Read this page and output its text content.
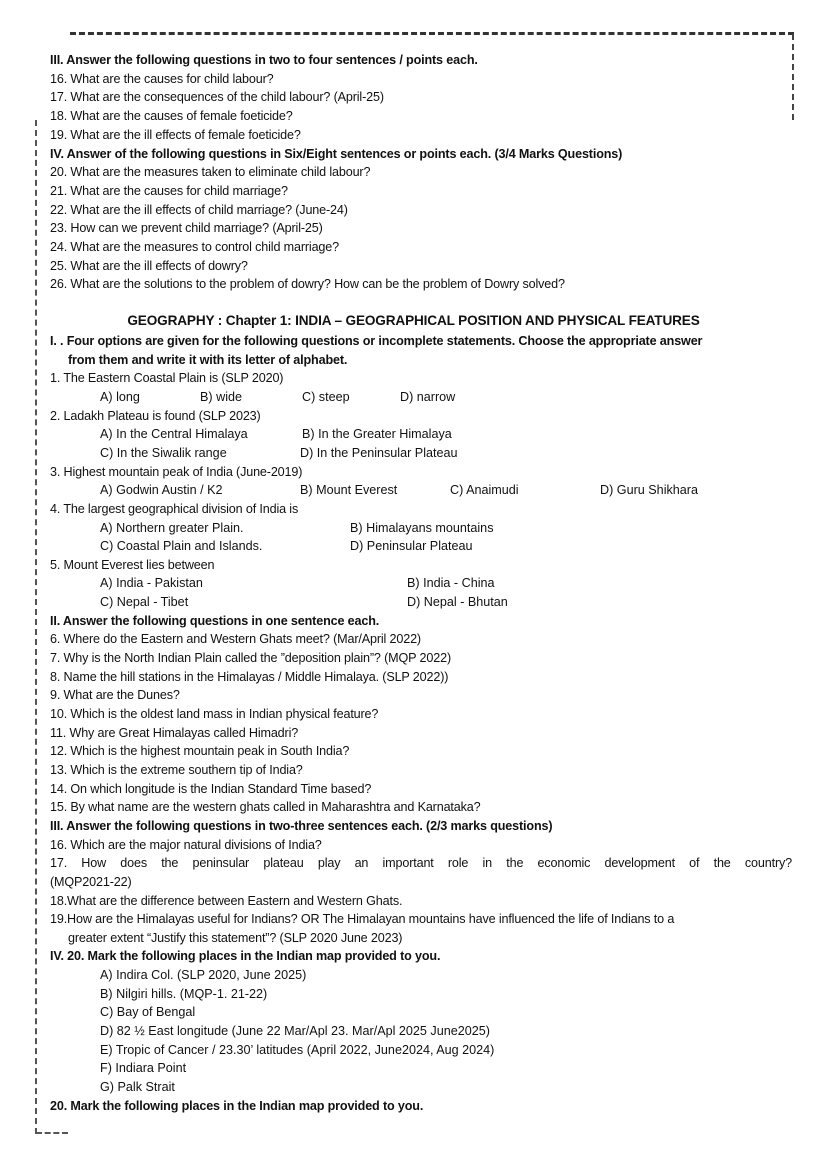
GEOGRAPHY : Chapter 1: INDIA – GEOGRAPHICAL POSITION AND PHYSICAL FEATURES
III. Answer the following questions in two to four sentences / points each.
16. What are the causes for child labour?
17. What are the consequences of the child labour? (April-25)
18. What are the causes of female foeticide?
19. What are the ill effects of female foeticide?
IV. Answer of the following questions in Six/Eight sentences or points each. (3/4 Marks Questions)
20. What are the measures taken to eliminate child labour?
21. What are the causes for child marriage?
22. What are the ill effects of child marriage? (June-24)
23. How can we prevent child marriage? (April-25)
24. What are the measures to control child marriage?
25. What are the ill effects of dowry?
26. What are the solutions to the problem of dowry? How can be the problem of Dowry solved?
I. . Four options are given for the following questions or incomplete statements. Choose the appropriate answer
from them and write it with its letter of alphabet.
1. The Eastern Coastal Plain is (SLP 2020)
A) long	B) wide	C) steep	D) narrow
2. Ladakh Plateau is found (SLP 2023)
A) In the Central Himalaya	B) In the Greater Himalaya
C) In the Siwalik range	D) In the Peninsular Plateau
3. Highest mountain peak of India (June-2019)
A) Godwin Austin / K2	B) Mount Everest	C) Anaimudi	D) Guru Shikhara
4. The largest geographical division of India is
A) Northern greater Plain.	B) Himalayans mountains
C) Coastal Plain and Islands.	D) Peninsular Plateau
5. Mount Everest lies between
A) India - Pakistan	B) India - China
C) Nepal - Tibet	D) Nepal - Bhutan
II. Answer the following questions in one sentence each.
6. Where do the Eastern and Western Ghats meet? (Mar/April 2022)
7. Why is the North Indian Plain called the ”deposition plain”? (MQP 2022)
8. Name the hill stations in the Himalayas / Middle Himalaya. (SLP 2022))
9. What are the Dunes?
10. Which is the oldest land mass in Indian physical feature?
11. Why are Great Himalayas called Himadri?
12. Which is the highest mountain peak in South India?
13. Which is the extreme southern tip of India?
14. On which longitude is the Indian Standard Time based?
15. By what name are the western ghats called in Maharashtra and Karnataka?
III. Answer the following questions in two-three sentences each. (2/3 marks questions)
16. Which are the major natural divisions of India?
17. How does the peninsular plateau play an important role in the economic development of the country?
(MQP2021-22)
18.What are the difference between Eastern and Western Ghats.
19.How are the Himalayas useful for Indians? OR The Himalayan mountains have influenced the life of Indians to a
greater extent “Justify this statement”? (SLP 2020 June 2023)
IV. 20. Mark the following places in the Indian map provided to you.
A) Indira Col. (SLP 2020, June 2025)
B) Nilgiri hills. (MQP-1. 21-22)
C) Bay of Bengal
D) 82 ½ East longitude (June 22 Mar/Apl 23. Mar/Apl 2025 June2025)
E) Tropic of Cancer / 23.30’ latitudes (April 2022, June2024, Aug 2024)
F) Indiara Point
G) Palk Strait
20. Mark the following places in the Indian map provided to you.
